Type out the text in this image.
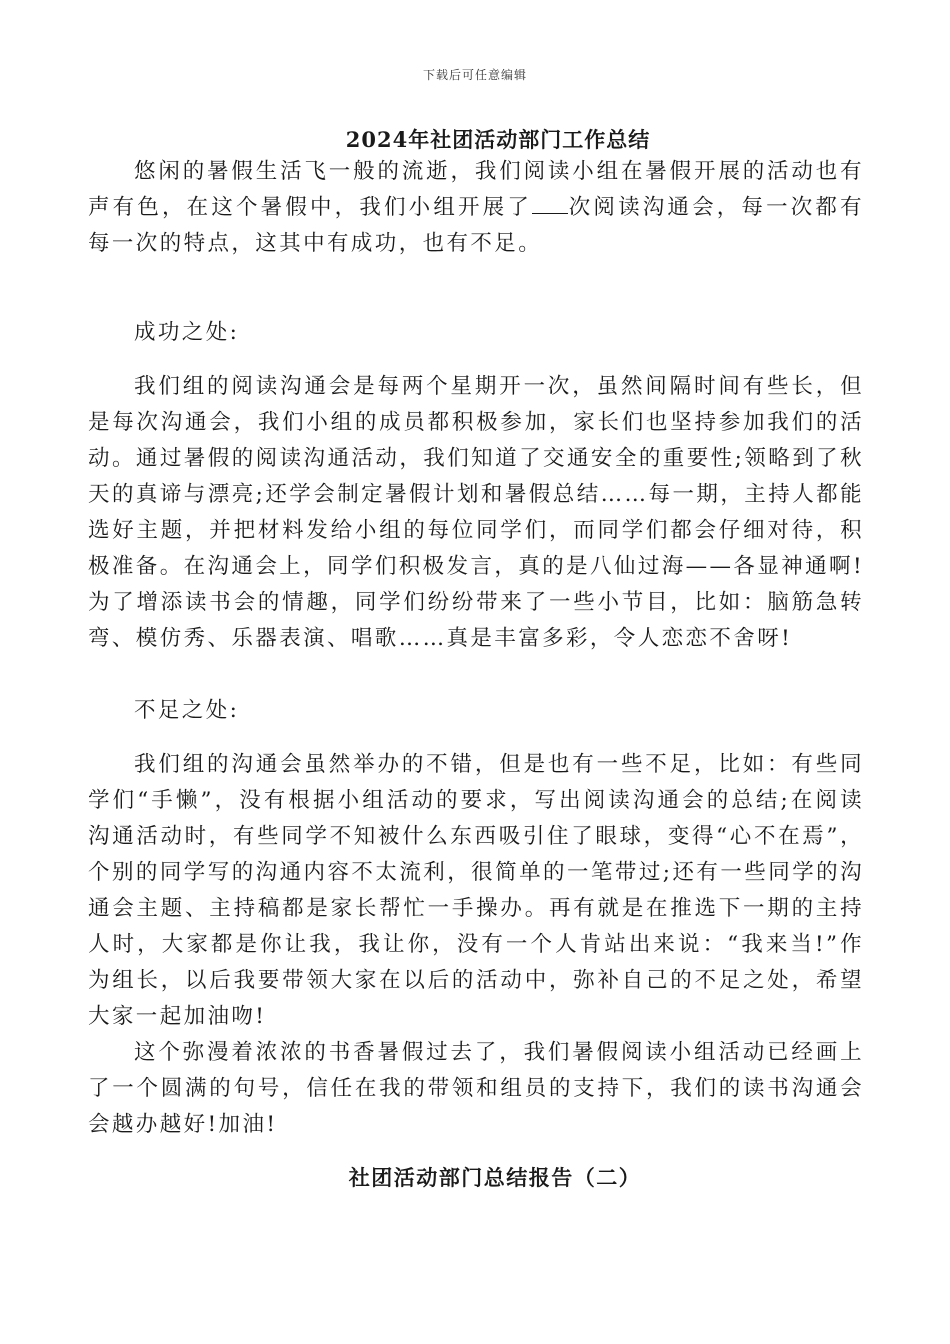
下载后可任意编辑
2024年社团活动部门工作总结

悠闲的暑假生活飞一般的流逝，我们阅读小组在暑假开展的活动也有声有色，在这个暑假中，我们小组开展了 次阅读沟通会，每一次都有每一次的特点，这其中有成功，也有不足。

成功之处:

我们组的阅读沟通会是每两个星期开一次，虽然间隔时间有些长，但是每次沟通会，我们小组的成员都积极参加，家长们也坚持参加我们的活动。通过暑假的阅读沟通活动，我们知道了交通安全的重要性;领略到了秋天的真谛与漂亮;还学会制定暑假计划和暑假总结……每一期，主持人都能选好主题，并把材料发给小组的每位同学们，而同学们都会仔细对待，积极准备。在沟通会上，同学们积极发言，真的是八仙过海——各显神通啊!为了增添读书会的情趣，同学们纷纷带来了一些小节目，比如：脑筋急转弯、模仿秀、乐器表演、唱歌……真是丰富多彩，令人恋恋不舍呀!

不足之处:

我们组的沟通会虽然举办的不错，但是也有一些不足，比如：有些同学们“手懒”，没有根据小组活动的要求，写出阅读沟通会的总结;在阅读沟通活动时，有些同学不知被什么东西吸引住了眼球，变得“心不在焉”，个别的同学写的沟通内容不太流利，很简单的一笔带过;还有一些同学的沟通会主题、主持稿都是家长帮忙一手操办。再有就是在推选下一期的主持人时，大家都是你让我，我让你，没有一个人肯站出来说：“我来当!”作为组长，以后我要带领大家在以后的活动中，弥补自己的不足之处，希望大家一起加油吻!

这个弥漫着浓浓的书香暑假过去了，我们暑假阅读小组活动已经画上了一个圆满的句号，信任在我的带领和组员的支持下，我们的读书沟通会会越办越好!加油!

社团活动部门总结报告（二）
